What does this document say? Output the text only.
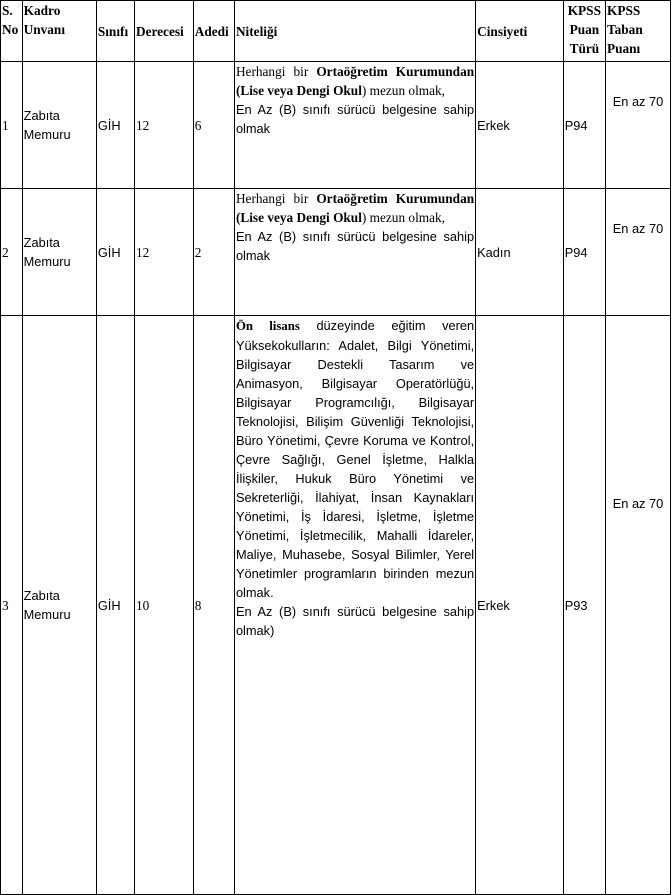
S. No	Kadro Unvanı	Sınıfı	Derecesi	Adedi	Niteliği	Cinsiyeti	KPSS Puan Türü	KPSS Taban Puanı
1	Zabıta Memuru	GİH	12	6	Herhangi bir Ortaöğretim Kurumundan (Lise veya Dengi Okul) mezun olmak,
En Az (B) sınıfı sürücü belgesine sahip olmak	Erkek	P94	En az 70
2	Zabıta Memuru	GİH	12	2	Herhangi bir Ortaöğretim Kurumundan (Lise veya Dengi Okul) mezun olmak,
En Az (B) sınıfı sürücü belgesine sahip olmak	Kadın	P94	En az 70
3	Zabıta Memuru	GİH	10	8	Ön lisans düzeyinde eğitim veren Yüksekokulların: Adalet, Bilgi Yönetimi, Bilgisayar Destekli Tasarım ve Animasyon, Bilgisayar Operatörlüğü, Bilgisayar Programcılığı, Bilgisayar Teknolojisi, Bilişim Güvenliği Teknolojisi, Büro Yönetimi, Çevre Koruma ve Kontrol, Çevre Sağlığı, Genel İşletme, Halkla İlişkiler, Hukuk Büro Yönetimi ve Sekreterliği, İlahiyat, İnsan Kaynakları Yönetimi, İş İdaresi, İşletme, İşletme Yönetimi, İşletmecilik, Mahalli İdareler, Maliye, Muhasebe, Sosyal Bilimler, Yerel Yönetimler programların birinden mezun olmak.
En Az (B) sınıfı sürücü belgesine sahip olmak)	Erkek	P93	En az 70
